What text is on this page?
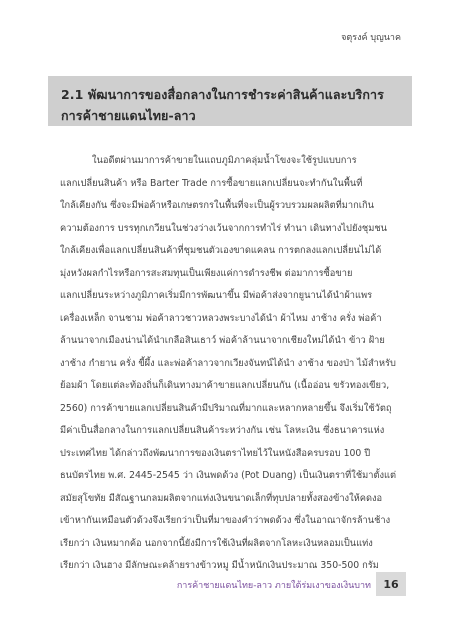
จตุรงค์ บุญนาค
2.1 พัฒนาการของสื่อกลางในการชำระค่าสินค้าและบริการ
การค้าชายแดนไทย-ลาว

ในอดีตผ่านมาการค้าขายในแถบภูมิภาคลุ่มน้ำโขงจะใช้รูปแบบการ

แลกเปลี่ยนสินค้า หรือ Barter Trade การซื้อขายแลกเปลี่ยนจะทำกันในพื้นที่

ใกล้เคียงกัน ซึ่งจะมีพ่อค้าหรือเกษตรกรในพื้นที่จะเป็นผู้รวบรวมผลผลิตที่มากเกิน

ความต้องการ บรรทุกเกวียนในช่วงว่างเว้นจากการทำไร่ ทำนา เดินทางไปยังชุมชน

ใกล้เคียงเพื่อแลกเปลี่ยนสินค้าที่ชุมชนตัวเองขาดแคลน การตกลงแลกเปลี่ยนไม่ได้

มุ่งหวังผลกำไรหรือการสะสมทุนเป็นเพียงแค่การดำรงชีพ ต่อมาการซื้อขาย

แลกเปลี่ยนระหว่างภูมิภาคเริ่มมีการพัฒนาขึ้น มีพ่อค้าส่งจากยูนานได้นำผ้าแพร

เครื่องเหล็ก จานชาม พ่อค้าลาวชาวหลวงพระบางได้นำ ผ้าไหม งาช้าง ครั่ง พ่อค้า

ล้านนาจากเมืองน่านได้นำเกลือสินเธาว์ พ่อค้าล้านนาจากเชียงใหม่ได้นำ ข้าว ฝ้าย

งาช้าง กำยาน ครั่ง ขี้ผึ้ง และพ่อค้าลาวจากเวียงจันทน์ได้นำ งาช้าง ของป่า ไม้สำหรับ

ย้อมผ้า โดยแต่ละท้องถิ่นก็เดินทางมาค้าขายแลกเปลี่ยนกัน (เนื้ออ่อน ขรัวทองเขียว,

2560) การค้าขายแลกเปลี่ยนสินค้ามีปริมาณที่มากและหลากหลายขึ้น จึงเริ่มใช้วัตถุ

มีค่าเป็นสื่อกลางในการแลกเปลี่ยนสินค้าระหว่างกัน เช่น โลหะเงิน ซึ่งธนาคารแห่ง

ประเทศไทย ได้กล่าวถึงพัฒนาการของเงินตราไทยไว้ในหนังสือครบรอบ 100 ปี

ธนบัตรไทย พ.ศ. 2445-2545 ว่า เงินพดด้วง (Pot Duang) เป็นเงินตราที่ใช้มาตั้งแต่

สมัยสุโขทัย มีสัณฐานกลมผลิตจากแท่งเงินขนาดเล็กที่ทุบปลายทั้งสองข้างให้คดงอ

เข้าหากันเหมือนตัวด้วงจึงเรียกว่าเป็นที่มาของคำว่าพดด้วง ซึ่งในอาณาจักรล้านช้าง

เรียกว่า เงินหมากค้อ นอกจากนี้ยังมีการใช้เงินที่ผลิตจากโลหะเงินหลอมเป็นแท่ง

เรียกว่า เงินฮาง มีลักษณะคล้ายรางข้าวหมู มีน้ำหนักเงินประมาณ 350-500 กรัม

การค้าชายแดนไทย-ลาว ภายใต้ร่มเงาของเงินบาท	16
